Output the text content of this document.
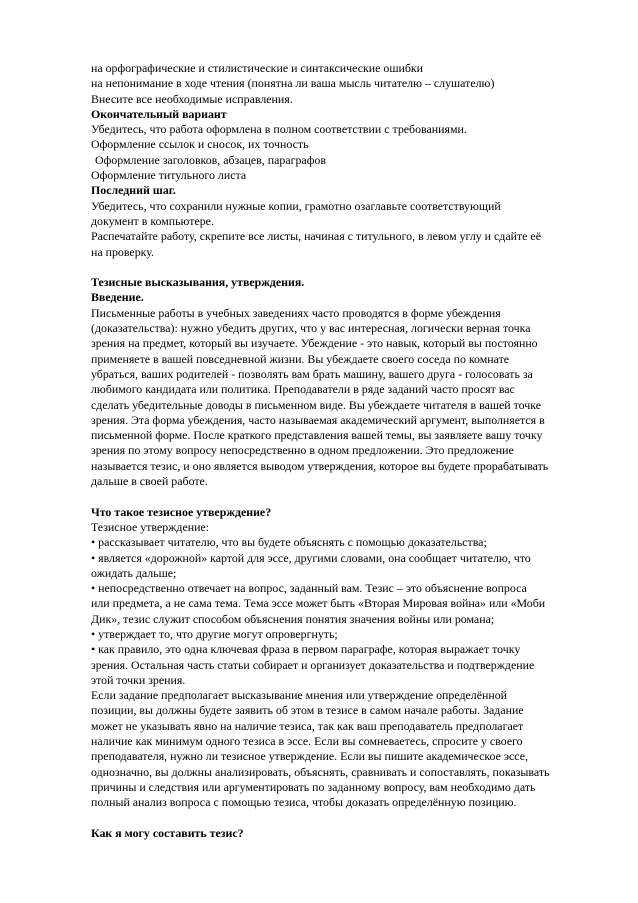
на орфографические и стилистические и синтаксические ошибки

на непонимание в ходе чтения (понятна ли ваша мысль читателю – слушателю)

Внесите все необходимые исправления.

Окончательный вариант

Убедитесь, что работа оформлена в полном соответствии с требованиями.

Оформление ссылок и сносок, их точность

Оформление заголовков, абзацев, параграфов

Оформление титульного листа

Последний шаг.

Убедитесь, что сохранили нужные копии, грамотно озаглавьте соответствующий

документ в компьютере.

Распечатайте работу, скрепите все листы, начиная с титульного, в левом углу и сдайте её

на проверку.

Тезисные высказывания, утверждения.

Введение.

Письменные работы в учебных заведениях часто проводятся в форме убеждения

(доказательства): нужно убедить других, что у вас интересная, логически верная точка

зрения на предмет, который вы изучаете. Убеждение - это навык, который вы постоянно

применяете в вашей повседневной жизни. Вы убеждаете своего соседа по комнате

убраться, ваших родителей - позволять вам брать машину, вашего друга - голосовать за

любимого кандидата или политика. Преподаватели в ряде заданий часто просят вас

сделать убедительные доводы в письменном виде. Вы убеждаете читателя в вашей точке

зрения. Эта форма убеждения, часто называемая академический аргумент, выполняется в

письменной форме. После краткого представления вашей темы, вы заявляете вашу точку

зрения по этому вопросу непосредственно в одном предложении. Это предложение

называется тезис, и оно является выводом утверждения, которое вы будете прорабатывать

дальше в своей работе.

Что такое тезисное утверждение?

Тезисное утверждение:

• рассказывает читателю, что вы будете объяснять с помощью доказательства;

• является «дорожной» картой для эссе, другими словами, она сообщает читателю, что

ожидать дальше;

• непосредственно отвечает на вопрос, заданный вам. Тезис – это объяснение вопроса

или предмета, а не сама тема. Тема эссе может быть «Вторая Мировая война» или «Моби

Дик», тезис служит способом объяснения понятия значения войны или романа;

• утверждает то, что другие могут опровергнуть;

• как правило, это одна ключевая фраза в первом параграфе, которая выражает точку

зрения. Остальная часть статьи собирает и организует доказательства и подтверждение

этой точки зрения.

Если задание предполагает высказывание мнения или утверждение определённой

позиции, вы должны будете заявить об этом в тезисе в самом начале работы. Задание

может не указывать явно на наличие тезиса, так как ваш преподаватель предполагает

наличие как минимум одного тезиса в эссе. Если вы сомневаетесь, спросите у своего

преподавателя, нужно ли тезисное утверждение. Если вы пишите академическое эссе,

однозначно, вы должны анализировать, объяснять, сравнивать и сопоставлять, показывать

причины и следствия или аргументировать по заданному вопросу, вам необходимо дать

полный анализ вопроса с помощью тезиса, чтобы доказать определённую позицию.

Как я могу составить тезис?
